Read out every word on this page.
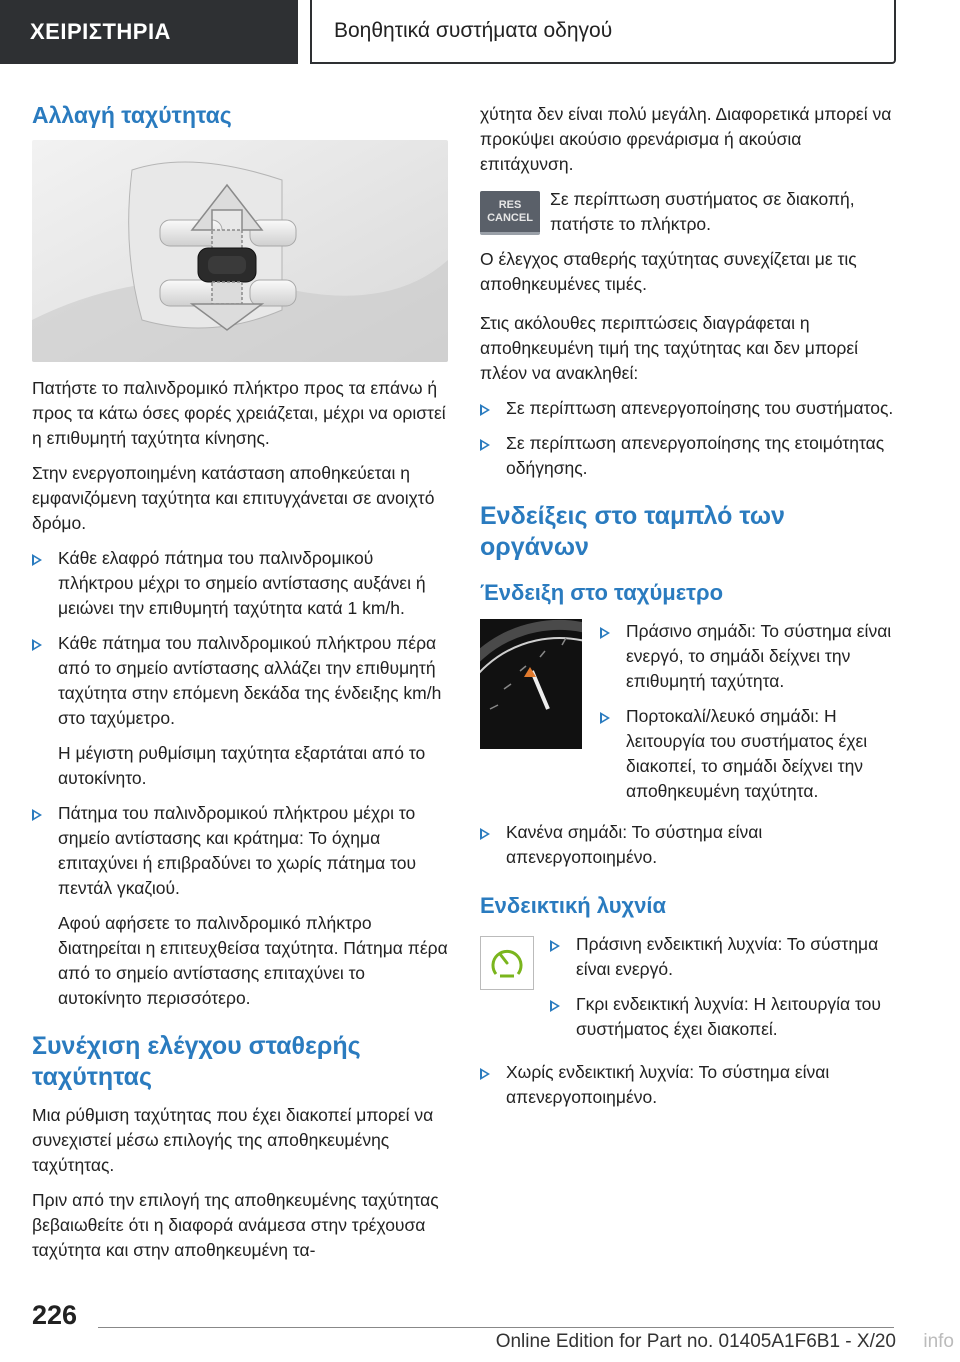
ΧΕΙΡΙΣΤΗΡΙΑ	Βοηθητικά συστήματα οδηγού
Αλλαγή ταχύτητας

Πατήστε το παλινδρομικό πλήκτρο προς τα επάνω ή προς τα κάτω όσες φορές χρειάζεται, μέχρι να οριστεί η επιθυμητή ταχύτητα κίνησης.

Στην ενεργοποιημένη κατάσταση αποθηκεύεται η εμφανιζόμενη ταχύτητα και επιτυγχάνεται σε ανοιχτό δρόμο.

Κάθε ελαφρό πάτημα του παλινδρομικού πλήκτρου μέχρι το σημείο αντίστασης αυξάνει ή μειώνει την επιθυμητή ταχύτητα κατά 1 km/h.
Κάθε πάτημα του παλινδρομικού πλήκτρου πέρα από το σημείο αντίστασης αλλάζει την επιθυμητή ταχύτητα στην επόμενη δεκάδα της ένδειξης km/h στο ταχύμετρο.

Η μέγιστη ρυθμίσιμη ταχύτητα εξαρτάται από το αυτοκίνητο.

Πάτημα του παλινδρομικού πλήκτρου μέχρι το σημείο αντίστασης και κράτημα: Το όχημα επιταχύνει ή επιβραδύνει το χωρίς πάτημα του πεντάλ γκαζιού.

Αφού αφήσετε το παλινδρομικό πλήκτρο διατηρείται η επιτευχθείσα ταχύτητα. Πάτημα πέρα από το σημείο αντίστασης επιταχύνει το αυτοκίνητο περισσότερο.

Συνέχιση ελέγχου σταθερής ταχύτητας

Μια ρύθμιση ταχύτητας που έχει διακοπεί μπορεί να συνεχιστεί μέσω επιλογής της αποθηκευμένης ταχύτητας.

Πριν από την επιλογή της αποθηκευμένης ταχύτητας βεβαιωθείτε ότι η διαφορά ανάμεσα στην τρέχουσα ταχύτητα και στην αποθηκευμένη τα-

χύτητα δεν είναι πολύ μεγάλη. Διαφορετικά μπορεί να προκύψει ακούσιο φρενάρισμα ή ακούσια επιτάχυνση.

RES
CANCEL
Σε περίπτωση συστήματος σε διακοπή, πατήστε το πλήκτρο.

Ο έλεγχος σταθερής ταχύτητας συνεχίζεται με τις αποθηκευμένες τιμές.

Στις ακόλουθες περιπτώσεις διαγράφεται η αποθηκευμένη τιμή της ταχύτητας και δεν μπορεί πλέον να ανακληθεί:

Σε περίπτωση απενεργοποίησης του συστήματος.
Σε περίπτωση απενεργοποίησης της ετοιμότητας οδήγησης.
Ενδείξεις στο ταμπλό των οργάνων
Ένδειξη στο ταχύμετρο
Πράσινο σημάδι: Το σύστημα είναι ενεργό, το σημάδι δείχνει την επιθυμητή ταχύτητα.
Πορτοκαλί/λευκό σημάδι: Η λειτουργία του συστήματος έχει διακοπεί, το σημάδι δείχνει την αποθηκευμένη ταχύτητα.
Κανένα σημάδι: Το σύστημα είναι απενεργοποιημένο.
Ενδεικτική λυχνία
Πράσινη ενδεικτική λυχνία: Το σύστημα είναι ενεργό.
Γκρι ενδεικτική λυχνία: Η λειτουργία του συστήματος έχει διακοπεί.
Χωρίς ενδεικτική λυχνία: Το σύστημα είναι απενεργοποιημένο.
226
Online Edition for Part no. 01405A1F6B1 - X/20 info
